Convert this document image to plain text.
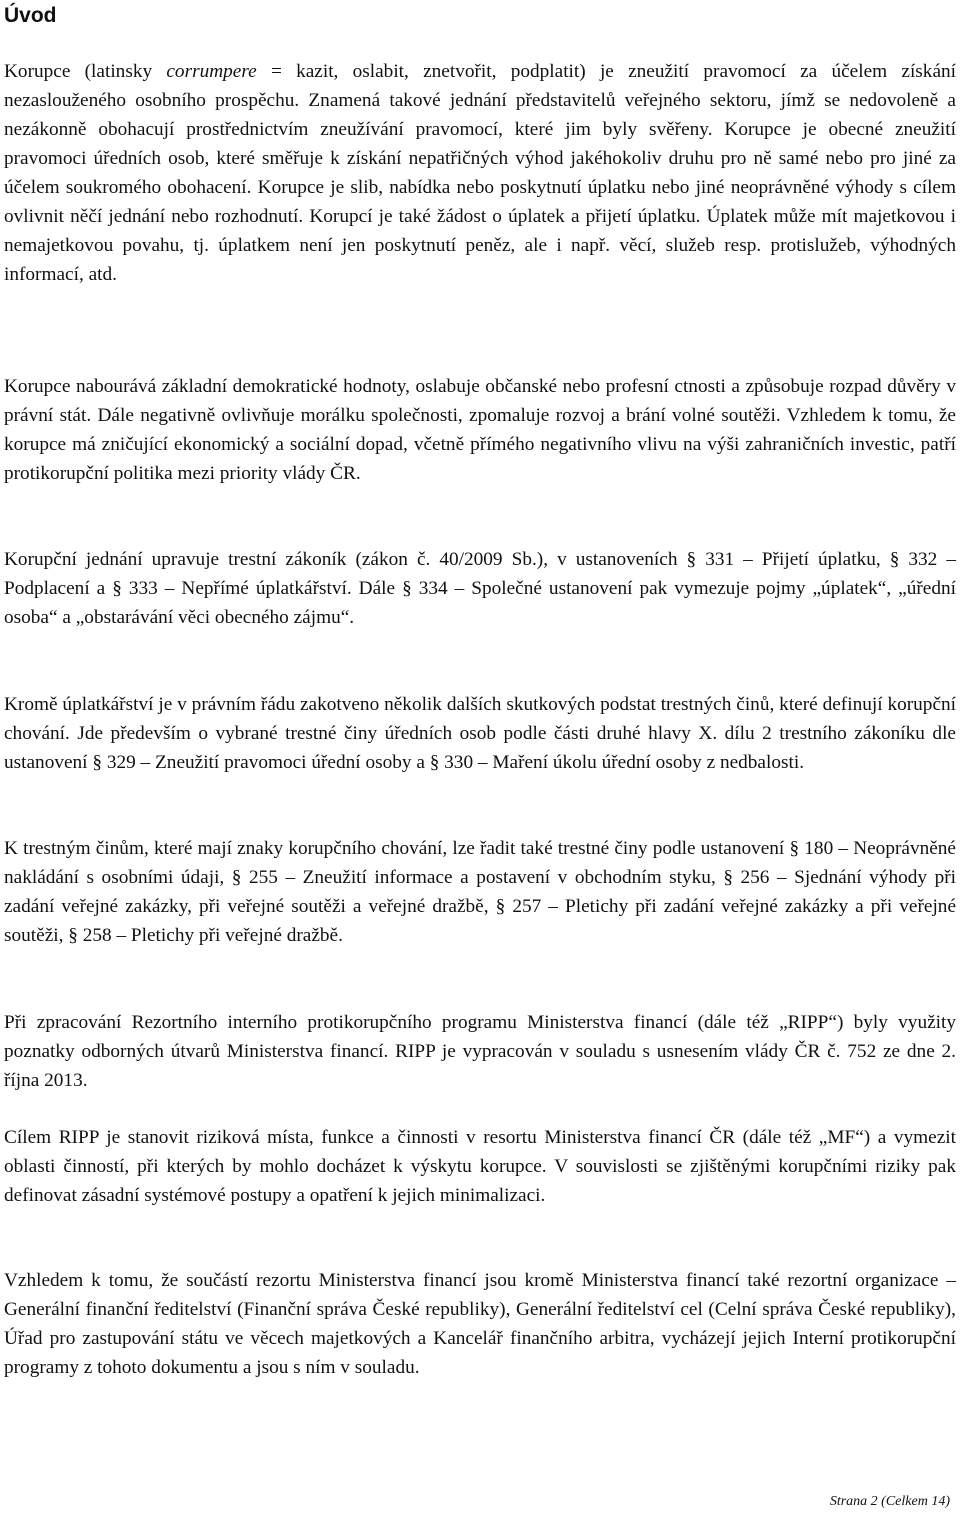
Úvod

Korupce (latinsky corrumpere = kazit, oslabit, znetvořit, podplatit) je zneužití pravomocí za účelem získání nezaslouženého osobního prospěchu. Znamená takové jednání představitelů veřejného sektoru, jímž se nedovoleně a nezákonně obohacují prostřednictvím zneužívání pravomocí, které jim byly svěřeny. Korupce je obecné zneužití pravomoci úředních osob, které směřuje k získání nepatřičných výhod jakéhokoliv druhu pro ně samé nebo pro jiné za účelem soukromého obohacení. Korupce je slib, nabídka nebo poskytnutí úplatku nebo jiné neoprávněné výhody s cílem ovlivnit něčí jednání nebo rozhodnutí. Korupcí je také žádost o úplatek a přijetí úplatku. Úplatek může mít majetkovou i nemajetkovou povahu, tj. úplatkem není jen poskytnutí peněz, ale i např. věcí, služeb resp. protislužeb, výhodných informací, atd.

Korupce nabourává základní demokratické hodnoty, oslabuje občanské nebo profesní ctnosti a způsobuje rozpad důvěry v právní stát. Dále negativně ovlivňuje morálku společnosti, zpomaluje rozvoj a brání volné soutěži. Vzhledem k tomu, že korupce má zničující ekonomický a sociální dopad, včetně přímého negativního vlivu na výši zahraničních investic, patří protikorupční politika mezi priority vlády ČR.

Korupční jednání upravuje trestní zákoník (zákon č. 40/2009 Sb.), v ustanoveních § 331 – Přijetí úplatku, § 332 – Podplacení a § 333 – Nepřímé úplatkářství. Dále § 334 – Společné ustanovení pak vymezuje pojmy „úplatek“, „úřední osoba“ a „obstarávání věci obecného zájmu“.

Kromě úplatkářství je v právním řádu zakotveno několik dalších skutkových podstat trestných činů, které definují korupční chování. Jde především o vybrané trestné činy úředních osob podle části druhé hlavy X. dílu 2 trestního zákoníku dle ustanovení § 329 – Zneužití pravomoci úřední osoby a § 330 – Maření úkolu úřední osoby z nedbalosti.

K trestným činům, které mají znaky korupčního chování, lze řadit také trestné činy podle ustanovení § 180 – Neoprávněné nakládání s osobními údaji, § 255 – Zneužití informace a postavení v obchodním styku, § 256 – Sjednání výhody při zadání veřejné zakázky, při veřejné soutěži a veřejné dražbě, § 257 – Pletichy při zadání veřejné zakázky a při veřejné soutěži, § 258 – Pletichy při veřejné dražbě.

Při zpracování Rezortního interního protikorupčního programu Ministerstva financí (dále též „RIPP“) byly využity poznatky odborných útvarů Ministerstva financí. RIPP je vypracován v souladu s usnesením vlády ČR č. 752 ze dne 2. října 2013.

Cílem RIPP je stanovit riziková místa, funkce a činnosti v resortu Ministerstva financí ČR (dále též „MF“) a vymezit oblasti činností, při kterých by mohlo docházet k výskytu korupce. V souvislosti se zjištěnými korupčními riziky pak definovat zásadní systémové postupy a opatření k jejich minimalizaci.

Vzhledem k tomu, že součástí rezortu Ministerstva financí jsou kromě Ministerstva financí také rezortní organizace – Generální finanční ředitelství (Finanční správa České republiky), Generální ředitelství cel (Celní správa České republiky), Úřad pro zastupování státu ve věcech majetkových a Kancelář finančního arbitra, vycházejí jejich Interní protikorupční programy z tohoto dokumentu a jsou s ním v souladu.

Strana 2 (Celkem 14)
